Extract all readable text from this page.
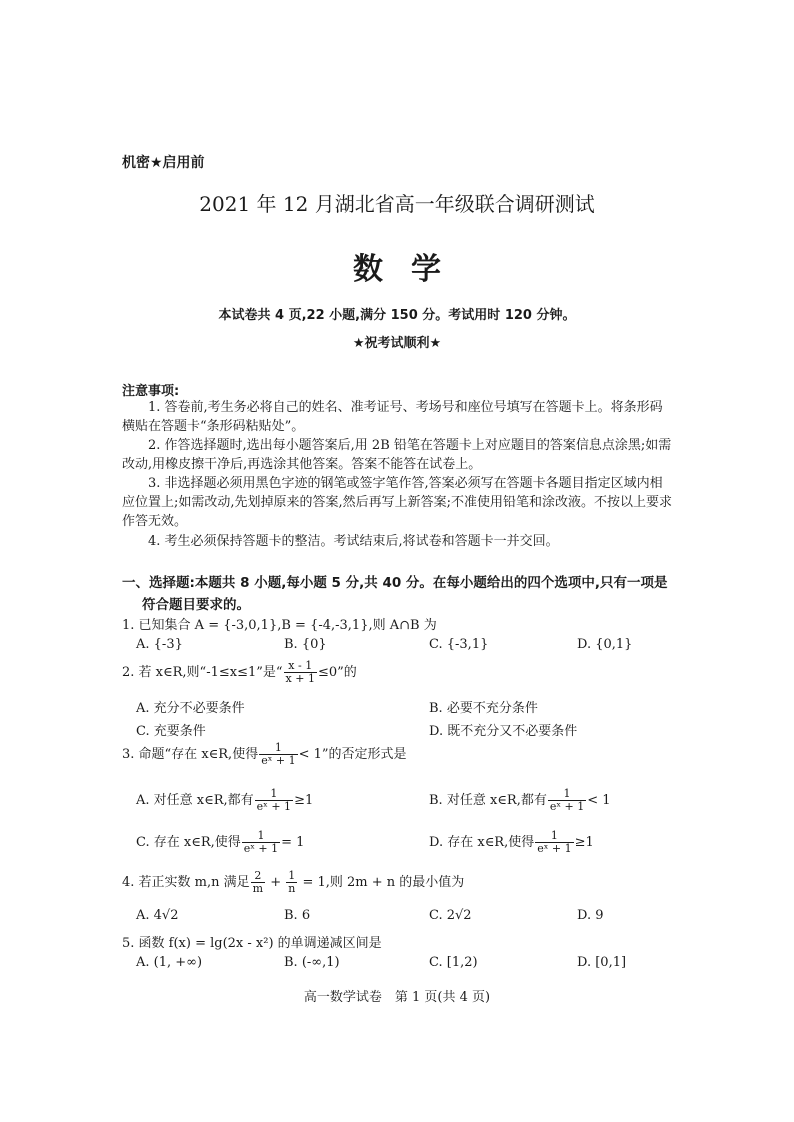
机密★启用前
2021 年 12 月湖北省高一年级联合调研测试
数学
本试卷共 4 页,22 小题,满分 150 分。考试用时 120 分钟。
★祝考试顺利★
注意事项:
1. 答卷前,考生务必将自己的姓名、准考证号、考场号和座位号填写在答题卡上。将条形码横贴在答题卡“条形码粘贴处”。
2. 作答选择题时,选出每小题答案后,用 2B 铅笔在答题卡上对应题目的答案信息点涂黑;如需改动,用橡皮擦干净后,再选涂其他答案。答案不能答在试卷上。
3. 非选择题必须用黑色字迹的钢笔或签字笔作答,答案必须写在答题卡各题目指定区域内相应位置上;如需改动,先划掉原来的答案,然后再写上新答案;不准使用铅笔和涂改液。不按以上要求作答无效。
4. 考生必须保持答题卡的整洁。考试结束后,将试卷和答题卡一并交回。
一、选择题:本题共 8 小题,每小题 5 分,共 40 分。在每小题给出的四个选项中,只有一项是符合题目要求的。
1. 已知集合 A = {-3,0,1},B = {-4,-3,1},则 A∩B 为
A. {-3}	B. {0}	C. {-3,1}	D. {0,1}
2. 若 x∈R,则“-1≤x≤1”是“ $\frac{x - 1}{x + 1} \le 0$”的
A. 充分不必要条件	B. 必要不充分条件
C. 充要条件	D. 既不充分又不必要条件
3. 命题“存在 x∈R,使得 $\frac{1}{\text{eˣ + 1}} < 1$”的否定形式是
A. 对任意 x∈R,都有 $\frac{1}{\text{eˣ + 1}} \ge 1$	B. 对任意 x∈R,都有 $\frac{1}{\text{eˣ + 1}} < 1$
C. 存在 x∈R,使得 $\frac{1}{\text{eˣ + 1}} = 1$	D. 存在 x∈R,使得 $\frac{1}{\text{eˣ + 1}} \ge 1$
4. 若正实数 m,n 满足 $\frac{2}{m} + \frac{1}{n} = 1$,则 2m + n 的最小值为
A. 4√2	B. 6	C. 2√2	D. 9
5. 函数 f(x) = lg(2x - x²) 的单调递减区间是
A. (1, +∞)	B. (-∞,1)	C. [1,2)	D. [0,1]
高一数学试卷　第 1 页(共 4 页)
